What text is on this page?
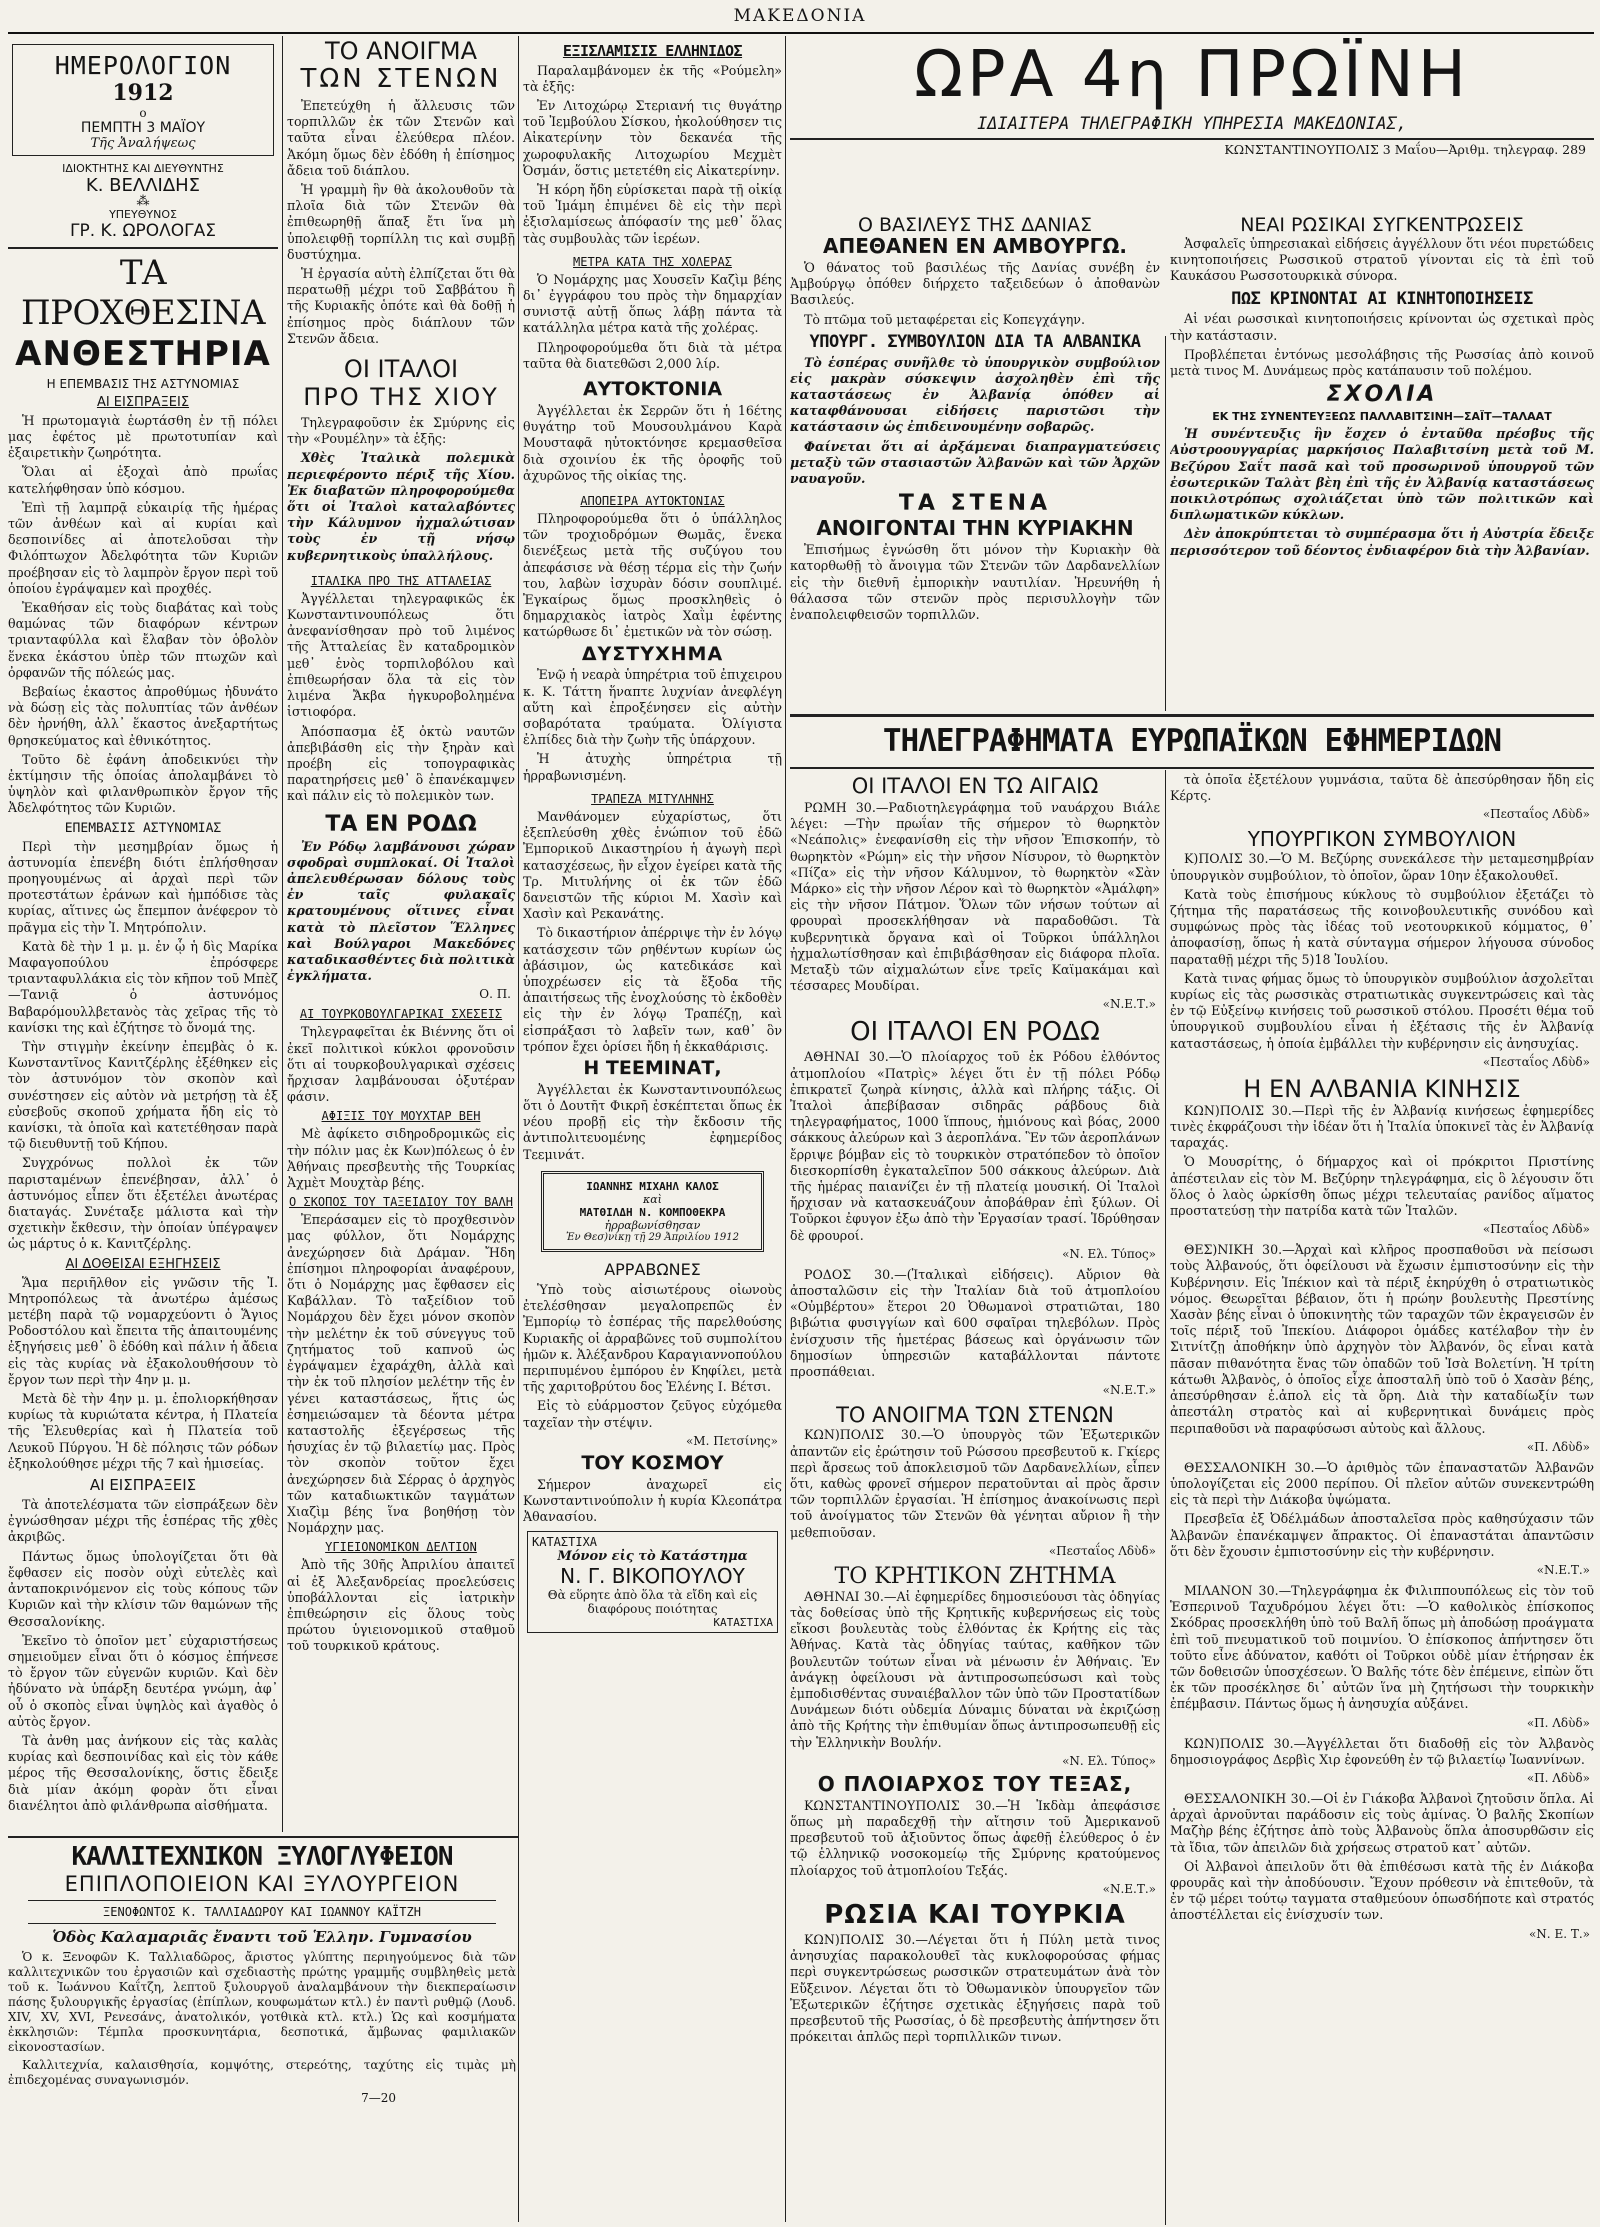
ΜΑΚΕΔΟΝΙΑ
ΗΜΕΡΟΛΟΓΙΟΝ
1912
ο
ΠΕΜΠΤΗ 3 ΜΑΪΟΥ
Τῆς Ἀναλήψεως
ΙΔΙΟΚΤΗΤΗΣ ΚΑΙ ΔΙΕΥΘΥΝΤΗΣ
Κ. ΒΕΛΛΙΔΗΣ
⁂
ΥΠΕΥΘΥΝΟΣ
ΓΡ. Κ. ΩΡΟΛΟΓΑΣ
ΤΑ ΠΡΟΧΘΕΣΙΝΑ
ΑΝΘΕΣΤΗΡΙΑ
Η ΕΠΕΜΒΑΣΙΣ ΤΗΣ ΑΣΤΥΝΟΜΙΑΣ
ΑΙ ΕΙΣΠΡΑΞΕΙΣ

Ἡ πρωτομαγιὰ ἑωρτάσθη ἐν τῇ πόλει μας ἐφέτος μὲ πρωτοτυπίαν καὶ ἐξαιρετικὴν ζωηρότητα.

Ὅλαι αἱ ἑξοχαὶ ἀπὸ πρωΐας κατελήφθησαν ὑπὸ κόσμου.

Ἐπὶ τῇ λαμπρᾷ εὐκαιρίᾳ τῆς ἡμέρας τῶν ἀνθέων καὶ αἱ κυρίαι καὶ δεσποινίδες αἱ ἀποτελοῦσαι τὴν Φιλόπτωχον Ἀδελφότητα τῶν Κυριῶν προέβησαν εἰς τὸ λαμπρὸν ἔργον περὶ τοῦ ὁποίου ἐγράψαμεν καὶ προχθές.

Ἐκαθήσαν εἰς τοὺς διαβάτας καὶ τοὺς θαμώνας τῶν διαφόρων κέντρων τριανταφύλλα καὶ ἔλαβαν τὸν ὁβολὸν ἕνεκα ἑκάστου ὑπὲρ τῶν πτωχῶν καὶ ὀρφανῶν τῆς πόλεώς μας.

Βεβαίως ἐκαστος ἀπροθύμως ἠδυνάτο νὰ δώσῃ εἰς τὰς πολυπτίας τῶν ἀνθέων δὲν ἠρνήθη, ἀλλ᾽ ἕκαστος ἀνεξαρτήτως θρησκεύματος καὶ ἐθνικότητος.

Τοῦτο δὲ ἐφάνη ἀποδεικνύει τὴν ἐκτίμησιν τῆς ὁποίας ἀπολαμβάνει τὸ ὑψηλὸν καὶ φιλανθρωπικὸν ἔργον τῆς Ἀδελφότητος τῶν Κυριῶν.

ΕΠΕΜΒΑΣΙΣ ΑΣΤΥΝΟΜΙΑΣ

Περὶ τὴν μεσημβρίαν ὅμως ἡ ἀστυνομία ἐπενέβη διότι ἐπλήσθησαν προηγουμένως αἱ ἀρχαὶ περὶ τῶν προτεστάτων ἐράνων καὶ ἡμπόδισε τὰς κυρίας, αἵτινες ὡς ἔπεμπον ἀνέφερον τὸ πρᾶγμα εἰς τὴν Ἰ. Μητρόπολιν.

Κατὰ δὲ τὴν 1 μ. μ. ἐν ᾧ ἡ δὶς Μαρίκα Μαφαγοπούλου ἐπρόσφερε τριανταφυλλάκια εἰς τὸν κῆπον τοῦ Μπὲζ—Τανιᾷ ὁ ἀστυνόμος Βαβαρόμουλλβετανὸς τὰς χεῖρας τῆς τὸ κανίσκι της καὶ ἐζήτησε τὸ ὄνομά της.

Τὴν στιγμὴν ἐκείνην ἐπεμβὰς ὁ κ. Κωνσταντῖνος Κανιτζέρλης ἐξέθηκεν εἰς τὸν ἀστυνόμον τὸν σκοπὸν καὶ συνέστησεν εἰς αὐτὸν νὰ μετρήσῃ τὰ ἐξ εὐσεβοῦς σκοποῦ χρήματα ἤδη εἰς τὸ κανίσκι, τὰ ὁποῖα καὶ κατετέθησαν παρὰ τῷ διευθυντῇ τοῦ Κήπου.

Συγχρόνως πολλοὶ ἐκ τῶν παρισταμένων ἐπενέβησαν, ἀλλ᾽ ὁ ἀστυνόμος εἶπεν ὅτι ἐξετέλει ἀνωτέρας διαταγάς. Συνέταξε μάλιστα καὶ τὴν σχετικὴν ἔκθεσιν, τὴν ὁποίαν ὑπέγραψεν ὡς μάρτυς ὁ κ. Κανιτζέρλης.

ΑΙ ΔΟΘΕΙΣΑΙ ΕΞΗΓΗΣΕΙΣ

Ἅμα περιῆλθον εἰς γνῶσιν τῆς Ἰ. Μητροπόλεως τὰ ἀνωτέρω ἀμέσως μετέβη παρὰ τῷ νομαρχεύοντι ὁ Ἅγιος Ροδοστόλου καὶ ἔπειτα τῆς ἀπαιτουμένης ἐξηγήσεις μεθ᾽ ὃ ἐδόθη καὶ πάλιν ἡ ἄδεια εἰς τὰς κυρίας νὰ ἐξακολουθήσουν τὸ ἔργον των περὶ τὴν 4ην μ. μ.

Μετὰ δὲ τὴν 4ην μ. μ. ἐπολιορκήθησαν κυρίως τὰ κυριώτατα κέντρα, ἡ Πλατεία τῆς Ἐλευθερίας καὶ ἡ Πλατεία τοῦ Λευκοῦ Πύργου. Ἡ δὲ πόλησις τῶν ρόδων ἐξηκολούθησε μέχρι τῆς 7 καὶ ἡμισείας.

ΑΙ ΕΙΣΠΡΑΞΕΙΣ

Τὰ ἀποτελέσματα τῶν εἰσπράξεων δὲν ἐγνώσθησαν μέχρι τῆς ἑσπέρας τῆς χθὲς ἀκριβῶς.

Πάντως ὅμως ὑπολογίζεται ὅτι θὰ ἔφθασεν εἰς ποσὸν οὐχὶ εὐτελὲς καὶ ἀνταποκρινόμενον εἰς τοὺς κόπους τῶν Κυριῶν καὶ τὴν κλίσιν τῶν θαμώνων τῆς Θεσσαλονίκης.

Ἐκεῖνο τὸ ὁποῖον μετ᾽ εὐχαριστήσεως σημειοῦμεν εἶναι ὅτι ὁ κόσμος ἐπήνεσε τὸ ἔργον τῶν εὐγενῶν κυριῶν. Καὶ δὲν ἠδύνατο νὰ ὑπάρξη δευτέρα γνώμη, ἀφ᾽ οὗ ὁ σκοπὸς εἶναι ὑψηλὸς καὶ ἀγαθὸς ὁ αὐτὸς ἔργον.

Τὰ ἀνθη μας ἀνήκουν εἰς τὰς καλὰς κυρίας καὶ δεσποινίδας καὶ εἰς τὸν κάθε μέρος τῆς Θεσσαλονίκης, ὅστις ἔδειξε διὰ μίαν ἀκόμη φορὰν ὅτι εἶναι διανέλητοι ἀπὸ φιλάνθρωπα αἰσθήματα.

ΤΟ ΑΝΟΙΓΜΑ
ΤΩΝ ΣΤΕΝΩΝ

Ἐπετεύχθη ἡ ἄλλευσις τῶν τορπιλλῶν ἐκ τῶν Στενῶν καὶ ταῦτα εἶναι ἐλεύθερα πλέον. Ἀκόμη ὅμως δὲν ἐδόθη ἡ ἐπίσημος ἄδεια τοῦ διάπλου.

Ἡ γραμμὴ ἣν θὰ ἀκολουθοῦν τὰ πλοῖα διὰ τῶν Στενῶν θὰ ἐπιθεωρηθῇ ἅπαξ ἔτι ἵνα μὴ ὑπολειφθῇ τορπίλλη τις καὶ συμβῇ δυστύχημα.

Ἡ ἐργασία αὐτὴ ἐλπίζεται ὅτι θὰ περατωθῇ μέχρι τοῦ Σαββάτου ἢ τῆς Κυριακῆς ὁπότε καὶ θὰ δοθῇ ἡ ἐπίσημος πρὸς διάπλουν τῶν Στενῶν ἄδεια.

ΟΙ ΙΤΑΛΟΙ
ΠΡΟ ΤΗΣ ΧΙΟΥ

Τηλεγραφοῦσιν ἐκ Σμύρνης εἰς τὴν «Ρουμέλην» τὰ ἑξῆς:

Χθὲς Ἰταλικὰ πολεμικὰ περιεφέροντο πέριξ τῆς Χίου. Ἐκ διαβατῶν πληροφορούμεθα ὅτι οἱ Ἰταλοὶ καταλαβόντες τὴν Κάλυμνον ἠχμαλώτισαν τοὺς ἐν τῇ νήσῳ κυβερνητικοὺς ὑπαλλήλους.

ΙΤΑΛΙΚΑ ΠΡΟ ΤΗΣ ΑΤΤΑΛΕΙΑΣ

Ἀγγέλλεται τηλεγραφικῶς ἐκ Κωνσταντινουπόλεως ὅτι ἀνεφανίσθησαν πρὸ τοῦ λιμένος τῆς Ἀτταλείας ἓν καταδρομικὸν μεθ᾽ ἑνὸς τορπιλοβόλου καὶ ἐπιθεωρήσαν ὅλα τὰ εἰς τὸν λιμένα Ἄκβα ἠγκυροβολημένα ἱστιοφόρα.

Ἀπόσπασμα ἐξ ὀκτὼ ναυτῶν ἀπεβιβάσθη εἰς τὴν ξηρὰν καὶ προέβη εἰς τοπογραφικὰς παρατηρήσεις μεθ᾽ ὃ ἐπανέκαμψεν καὶ πάλιν εἰς τὸ πολεμικὸν των.

ΤΑ ΕΝ ΡΟΔΩ

Ἐν Ρόδῳ λαμβάνουσι χώραν σφοδραὶ συμπλοκαί. Οἱ Ἰταλοὶ ἀπελευθέρωσαν δόλους τοὺς ἐν ταῖς φυλακαῖς κρατουμένους οἵτινες εἶναι κατὰ τὸ πλεῖστον Ἕλληνες καὶ Βούλγαροι Μακεδόνες καταδικασθέντες διὰ πολιτικὰ ἐγκλήματα.

Ο. Π.
ΑΙ ΤΟΥΡΚΟΒΟΥΛΓΑΡΙΚΑΙ ΣΧΕΣΕΙΣ

Τηλεγραφεῖται ἐκ Βιέννης ὅτι οἱ ἐκεῖ πολιτικοὶ κύκλοι φρονοῦσιν ὅτι αἱ τουρκοβουλγαρικαὶ σχέσεις ἤρχισαν λαμβάνουσαι ὀξυτέραν φάσιν.

ΑΦΙΞΙΣ ΤΟΥ ΜΟΥΧΤΑΡ ΒΕΗ

Μὲ ἀφίκετο σιδηροδρομικῶς εἰς τὴν πόλιν μας ἐκ Κων)πόλεως ὁ ἐν Ἀθήναις πρεσβευτὴς τῆς Τουρκίας Ἀχμὲτ Μουχτὰρ βέης.

Ο ΣΚΟΠΟΣ ΤΟΥ ΤΑΞΕΙΔΙΟΥ ΤΟΥ ΒΑΛΗ

Ἐπεράσαμεν εἰς τὸ προχθεσινὸν μας φύλλον, ὅτι Νομάρχης ἀνεχώρησεν διὰ Δράμαν. Ἤδη ἐπίσημοι πληροφορίαι ἀναφέρουν, ὅτι ὁ Νομάρχης μας ἔφθασεν εἰς Καβάλλαν. Τὸ ταξείδιον τοῦ Νομάρχου δὲν ἔχει μόνον σκοπὸν τὴν μελέτην ἐκ τοῦ σύνεγγυς τοῦ ζητήματος τοῦ καπνοῦ ὡς ἐγράψαμεν ἐχαράχθη, ἀλλὰ καὶ τὴν ἐκ τοῦ πλησίον μελέτην τῆς ἐν γένει καταστάσεως, ἥτις ὡς ἐσημειώσαμεν τὰ δέοντα μέτρα καταστολῆς ἐξεγέρσεως τῆς ἡσυχίας ἐν τῷ βιλαετίῳ μας. Πρὸς τὸν σκοπὸν τοῦτον ἔχει ἀνεχώρησεν διὰ Σέρρας ὁ ἀρχηγὸς τῶν καταδιωκτικῶν ταγμάτων Χιαζὶμ βέης ἵνα βοηθήσῃ τὸν Νομάρχην μας.

ΥΓΙΕΙΟΝΟΜΙΚΟΝ ΔΕΛΤΙΟΝ

Ἀπὸ τῆς 30ῆς Ἀπριλίου ἀπαιτεῖ αἱ ἐξ Ἀλεξανδρείας προελεύσεις ὑποβάλλονται εἰς ἰατρικὴν ἐπιθεώρησιν εἰς ὅλους τοὺς πρώτου ὑγιειονομικοῦ σταθμοῦ τοῦ τουρκικοῦ κράτους.

ΚΑΛΛΙΤΕΧΝΙΚΟΝ ΞΥΛΟΓΛΥΦΕΙΟΝ
ΕΠΙΠΛΟΠΟΙΕΙΟΝ ΚΑΙ ΞΥΛΟΥΡΓΕΙΟΝ
ΞΕΝΟΦΩΝΤΟΣ Κ. ΤΑΛΛΙΑΔΩΡΟΥ ΚΑΙ ΙΩΑΝΝΟΥ ΚΑΪΤΖΗ
Ὁδὸς Καλαμαριᾶς ἔναντι τοῦ Ἑλλην. Γυμνασίου

Ὁ κ. Ξενοφῶν Κ. Ταλλιαδῶρος, ἄριστος γλύπτης περιηγούμενος διὰ τῶν καλλιτεχνικῶν του ἐργασιῶν καὶ σχεδιαστὴς πρώτης γραμμῆς συμβληθεὶς μετὰ τοῦ κ. Ἰωάννου Καΐτζη, λεπτοῦ ξυλουργοῦ ἀναλαμβάνουν τὴν διεκπεραίωσιν πάσης ξυλουργικῆς ἐργασίας (ἐπίπλων, κουφωμάτων κτλ.) ἐν παντὶ ρυθμῷ (Λουδ. XIV, XV, XVI, Ρενεσάνς, ἀνατολικόν, γοτθικὰ κτλ. κτλ.) Ὡς καὶ κοσμήματα ἐκκλησιῶν: Τέμπλα προσκυνητάρια, δεσποτικά, ἄμβωνας φαμιλιακῶν εἰκονοστασίων.

Καλλιτεχνία, καλαισθησία, κομψότης, στερεότης, ταχύτης εἰς τιμὰς μὴ ἐπιδεχομένας συναγωνισμόν.

7—20
ΕΞΙΣΛΑΜΙΣΙΣ ΕΛΛΗΝΙΔΟΣ

Παραλαμβάνομεν ἐκ τῆς «Ρούμελη» τὰ ἑξῆς:

Ἐν Λιτοχώρῳ Στεριανή τις θυγάτηρ τοῦ Ἰεμβούλου Σίσκου, ἠκολούθησεν τις Αἰκατερίνην τὸν δεκανέα τῆς χωροφυλακῆς Λιτοχωρίου Μεχμὲτ Ὀσμάν, ὅστις μετετέθη εἰς Αἰκατερίνην.

Ἡ κόρη ἤδη εὑρίσκεται παρὰ τῇ οἰκίᾳ τοῦ Ἰμάμη ἐπιμένει δὲ εἰς τὴν περὶ ἐξισλαμίσεως ἀπόφασίν της μεθ᾽ ὅλας τὰς συμβουλὰς τῶν ἱερέων.

ΜΕΤΡΑ ΚΑΤΑ ΤΗΣ ΧΟΛΕΡΑΣ

Ὁ Νομάρχης μας Χουσεῖν Καζὶμ βέης δι᾽ ἐγγράφου του πρὸς τὴν δημαρχίαν συνιστᾷ αὐτῇ ὅπως λάβῃ πάντα τὰ κατάλληλα μέτρα κατὰ τῆς χολέρας.

Πληροφορούμεθα ὅτι διὰ τὰ μέτρα ταῦτα θὰ διατεθῶσι 2,000 λίρ.

ΑΥΤΟΚΤΟΝΙΑ

Ἀγγέλλεται ἐκ Σερρῶν ὅτι ἡ 16έτης θυγάτηρ τοῦ Μουσουλμάνου Καρὰ Μουσταφᾶ ηὐτοκτόνησε κρεμασθεῖσα διὰ σχοινίου ἐκ τῆς ὀροφῆς τοῦ ἀχυρῶνος τῆς οἰκίας της.

ΑΠΟΠΕΙΡΑ ΑΥΤΟΚΤΟΝΙΑΣ

Πληροφορούμεθα ὅτι ὁ ὑπάλληλος τῶν τροχιοδρόμων Θωμᾶς, ἕνεκα διενέξεως μετὰ τῆς συζύγου του ἀπεφάσισε νὰ θέσῃ τέρμα εἰς τὴν ζωήν του, λαβὼν ἰσχυρὰν δόσιν σουπλιμέ. Ἐγκαίρως ὅμως προσκληθεὶς ὁ δημαρχιακὸς ἰατρὸς Χαῒμ ἐφέντης κατώρθωσε δι᾽ ἐμετικῶν νὰ τὸν σώσῃ.

ΔΥΣΤΥΧΗΜΑ

Ἐνῷ ἡ νεαρὰ ὑπηρέτρια τοῦ ἐπιχειρου κ. Κ. Τάττη ἥναπτε λυχνίαν ἀνεφλέγη αὕτη καὶ ἐπροξένησεν εἰς αὐτὴν σοβαρότατα τραύματα. Ὀλίγιστα ἐλπίδες διὰ τὴν ζωὴν τῆς ὑπάρχουν.

Ἡ ἀτυχὴς ὑπηρέτρια τῇ ἡρραβωνισμένη.

ΤΡΑΠΕΖΑ ΜΙΤΥΛΗΝΗΣ

Μανθάνομεν εὐχαρίστως, ὅτι ἐξεπλεύσθη χθὲς ἐνώπιον τοῦ ἐδῶ Ἐμπορικοῦ Δικαστηρίου ἡ ἀγωγὴ περὶ κατασχέσεως, ἣν εἶχον ἐγείρει κατὰ τῆς Τρ. Μιτυλήνης οἱ ἐκ τῶν ἐδῶ δανειστῶν τῆς κύριοι Μ. Χασὶν καὶ Χασὶν καὶ Ρεκανάτης.

Τὸ δικαστήριον ἀπέρριψε τὴν ἐν λόγῳ κατάσχεσιν τῶν ρηθέντων κυρίων ὡς ἀβάσιμον, ὡς κατεδικάσε καὶ ὑποχρέωσεν εἰς τὰ ἔξοδα τῆς ἀπαιτήσεως τῆς ἐνοχλούσης τὸ ἐκδοθὲν εἰς τὴν ἐν λόγῳ Τραπέζῃ, καὶ εἰσπράξασι τὸ λαβεῖν των, καθ᾽ ὃν τρόπον ἔχει ὁρίσει ἤδη ἡ ἐκκαθάρισις.

Η ΤΕΕΜΙΝΑΤ,

Ἀγγέλλεται ἐκ Κωνσταντινουπόλεως ὅτι ὁ Δουτῆτ Φικρῆ ἐσκέπτεται ὅπως ἐκ νέου προβῇ εἰς τὴν ἔκδοσιν τῆς ἀντιπολιτευομένης ἐφημερίδος Τεεμινάτ.

ΙΩΑΝΝΗΣ ΜΙΧΑΗΛ ΚΑΛΟΣ
καὶ
ΜΑΤΘΙΛΔΗ Ν. ΚΟΜΠΟΘΕΚΡΑ
ἠρραβωνίσθησαν
Ἐν Θεσ)νίκῃ τῇ 29 Ἀπριλίου 1912
ΑΡΡΑΒΩΝΕΣ

Ὑπὸ τοὺς αἰσιωτέρους οἰωνοὺς ἐτελέσθησαν μεγαλοπρεπῶς ἐν Ἐμπορίῳ τὸ ἑσπέρας τῆς παρελθούσης Κυριακῆς οἱ ἀρραβῶνες τοῦ συμπολίτου ἡμῶν κ. Ἀλέξανδρου Καραγιαννοπούλου περιπυμένου ἐμπόρου ἐν Κηφίλει, μετὰ τῆς χαριτοβρύτου δος Ἑλένης Ι. Βέτσι.

Εἰς τὸ εὐάρμοστον ζεῦγος εὐχόμεθα ταχεῖαν τὴν στέψιν.

«Μ. Πετσίνης»
ΤΟΥ ΚΟΣΜΟΥ

Σήμερον ἀναχωρεῖ εἰς Κωνσταντινούπολιν ἡ κυρία Κλεοπάτρα Ἀθανασίου.

ΚΑΤΑΣΤΙΧΑ
Μόνον εἰς τὸ Κατάστημα
Ν. Γ. ΒΙΚΟΠΟΥΛΟΥ
Θὰ εὕρητε ἀπὸ ὅλα τὰ εἴδη καὶ εἰς διαφόρους ποιότητας
ΚΑΤΑΣΤΙΧΑ
ΩΡΑ 4η ΠΡΩΪΝΗ
ΙΔΙΑΙΤΕΡΑ ΤΗΛΕΓΡΑΦΙΚΗ ΥΠΗΡΕΣΙΑ ΜΑΚΕΔΟΝΙΑΣ,
ΚΩΝΣΤΑΝΤΙΝΟΥΠΟΛΙΣ 3 Μαΐου—Ἀριθμ. τηλεγραφ. 289
Ο ΒΑΣΙΛΕΥΣ ΤΗΣ ΔΑΝΙΑΣ
ΑΠΕΘΑΝΕΝ ΕΝ ΑΜΒΟΥΡΓΩ.

Ὁ θάνατος τοῦ βασιλέως τῆς Δανίας συνέβη ἐν Ἀμβούργῳ ὁπόθεν διήρχετο ταξειδεύων ὁ ἀποθανὼν Βασιλεύς.

Τὸ πτῶμα τοῦ μεταφέρεται εἰς Κοπεγχάγην.

ΥΠΟΥΡΓ. ΣΥΜΒΟΥΛΙΟΝ ΔΙΑ ΤΑ ΑΛΒΑΝΙΚΑ

Τὸ ἑσπέρας συνῆλθε τὸ ὑπουργικὸν συμβούλιον εἰς μακρὰν σύσκεψιν ἀσχοληθὲν ἐπὶ τῆς καταστάσεως ἐν Ἀλβανίᾳ ὁπόθεν αἱ καταφθάνουσαι εἰδήσεις παριστῶσι τὴν κατάστασιν ὡς ἐπιδεινουμένην σοβαρῶς.

Φαίνεται ὅτι αἱ ἀρξάμεναι διαπραγματεύσεις μεταξὺ τῶν στασιαστῶν Ἀλβανῶν καὶ τῶν Ἀρχῶν ναυαγοῦν.

ΤΑ ΣΤΕΝΑ
ΑΝΟΙΓΟΝΤΑΙ ΤΗΝ ΚΥΡΙΑΚΗΝ

Ἐπισήμως ἐγνώσθη ὅτι μόνον τὴν Κυριακὴν θὰ κατορθωθῇ τὸ ἄνοιγμα τῶν Στενῶν τῶν Δαρδανελλίων εἰς τὴν διεθνῆ ἐμπορικὴν ναυτιλίαν. Ἠρευνήθη ἡ θάλασσα τῶν στενῶν πρὸς περισυλλογὴν τῶν ἐναπολειφθεισῶν τορπιλλῶν.

ΝΕΑΙ ΡΩΣΙΚΑΙ ΣΥΓΚΕΝΤΡΩΣΕΙΣ

Ἀσφαλεῖς ὑπηρεσιακαὶ εἰδήσεις ἀγγέλλουν ὅτι νέοι πυρετώδεις κινητοποιήσεις Ρωσσικοῦ στρατοῦ γίνονται εἰς τὰ ἐπὶ τοῦ Καυκάσου Ρωσσοτουρκικὰ σύνορα.

ΠΩΣ ΚΡΙΝΟΝΤΑΙ ΑΙ ΚΙΝΗΤΟΠΟΙΗΣΕΙΣ

Αἱ νέαι ρωσσικαὶ κινητοποιήσεις κρίνονται ὡς σχετικαὶ πρὸς τὴν κατάστασιν.

Προβλέπεται ἐντόνως μεσολάβησις τῆς Ρωσσίας ἀπὸ κοινοῦ μετὰ τινος Μ. Δυνάμεως πρὸς κατάπαυσιν τοῦ πολέμου.

ΣΧΟΛΙΑ
ΕΚ ΤΗΣ ΣΥΝΕΝΤΕΥΞΕΩΣ ΠΑΛΛΑΒΙΤΣΙΝΗ—ΣΑΪΤ—ΤΑΛΑΑΤ

Ἡ συνέντευξις ἣν ἔσχεν ὁ ἐνταῦθα πρέσβυς τῆς Αὐστροουγγαρίας μαρκήσιος Παλαβιτσίνη μετὰ τοῦ Μ. Βεζύρου Σαΐτ πασᾶ καὶ τοῦ προσωρινοῦ ὑπουργοῦ τῶν ἐσωτερικῶν Ταλὰτ βὲη ἐπὶ τῆς ἐν Ἀλβανίᾳ καταστάσεως ποικιλοτρόπως σχολιάζεται ὑπὸ τῶν πολιτικῶν καὶ διπλωματικῶν κύκλων.

Δὲν ἀποκρύπτεται τὸ συμπέρασμα ὅτι ἡ Αὐστρία ἔδειξε περισσότερον τοῦ δέοντος ἐνδιαφέρον διὰ τὴν Ἀλβανίαν.

ΤΗΛΕΓΡΑΦΗΜΑΤΑ ΕΥΡΩΠΑΪΚΩΝ ΕΦΗΜΕΡΙΔΩΝ
ΟΙ ΙΤΑΛΟΙ ΕΝ ΤΩ ΑΙΓΑΙΩ

ΡΩΜΗ 30.—Ραδιοτηλεγράφημα τοῦ ναυάρχου Βιάλε λέγει: —Τὴν πρωΐαν τῆς σήμερον τὸ θωρηκτὸν «Νεάπολις» ἐνεφανίσθη εἰς τὴν νῆσον Ἐπισκοπήν, τὸ θωρηκτὸν «Ρώμη» εἰς τὴν νῆσον Νίσυρον, τὸ θωρηκτὸν «Πίζα» εἰς τὴν νῆσον Κάλυμνον, τὸ θωρηκτὸν «Σὰν Μάρκο» εἰς τὴν νῆσον Λέρον καὶ τὸ θωρηκτὸν «Ἀμάλφη» εἰς τὴν νῆσον Πάτμον. Ὅλων τῶν νήσων τούτων αἱ φρουραὶ προσεκλήθησαν νὰ παραδοθῶσι. Τὰ κυβερνητικὰ ὄργανα καὶ οἱ Τοῦρκοι ὑπάλληλοι ἠχμαλωτίσθησαν καὶ ἐπιβιβάσθησαν εἰς διάφορα πλοῖα. Μεταξὺ τῶν αἰχμαλώτων εἶνε τρεῖς Καϊμακάμαι καὶ τέσσαρες Μουδίραι.

«Ν.Ε.Τ.»
ΟΙ ΙΤΑΛΟΙ ΕΝ ΡΟΔΩ

ΑΘΗΝΑΙ 30.—Ὁ πλοίαρχος τοῦ ἐκ Ρόδου ἐλθόντος ἀτμοπλοίου «Πατρὶς» λέγει ὅτι ἐν τῇ πόλει Ρόδῳ ἐπικρατεῖ ζωηρὰ κίνησις, ἀλλὰ καὶ πλήρης τάξις. Οἱ Ἰταλοὶ ἀπεβίβασαν σιδηρᾶς ράβδους διὰ τηλεγραφήματος, 1000 ἵππους, ἡμιόνους καὶ βόας, 2000 σάκκους ἀλεύρων καὶ 3 ἀεροπλάνα. Ἓν τῶν ἀεροπλάνων ἔρριψε βόμβαν εἰς τὸ τουρκικὸν στρατόπεδον τὸ ὁποῖον διεσκορπίσθη ἐγκαταλεῖπον 500 σάκκους ἀλεύρων. Διὰ τῆς ἡμέρας παιανίζει ἐν τῇ πλατείᾳ μουσική. Οἱ Ἰταλοὶ ἤρχισαν νὰ κατασκευάζουν ἀποβάθραν ἐπὶ ξύλων. Οἱ Τοῦρκοι ἐφυγον ἐξω ἀπὸ τὴν Ἐργασίαν τρασί. Ἱδρύθησαν δὲ φρουροί.

«Ν. Ελ. Τύπος»

ΡΟΔΟΣ 30.—(Ἰταλικαὶ εἰδήσεις). Αὔριον θὰ ἀποσταλῶσιν εἰς τὴν Ἰταλίαν διὰ τοῦ ἀτμοπλοίου «Οὐμβέρτου» ἕτεροι 20 Ὀθωμανοὶ στρατιῶται, 180 βιβώτια φυσιγγίων καὶ 600 σφαῖραι τηλεβόλων. Πρὸς ἐνίσχυσιν τῆς ἡμετέρας βάσεως καὶ ὀργάνωσιν τῶν δημοσίων ὑπηρεσιῶν καταβάλλονται πάντοτε προσπάθειαι.

«Ν.Ε.Τ.»
ΤΟ ΑΝΟΙΓΜΑ ΤΩΝ ΣΤΕΝΩΝ

ΚΩΝ)ΠΟΛΙΣ 30.—Ὁ ὑπουργὸς τῶν Ἐξωτερικῶν ἀπαντῶν εἰς ἐρώτησιν τοῦ Ρώσσου πρεσβευτοῦ κ. Γκίερς περὶ ἄρσεως τοῦ ἀποκλεισμοῦ τῶν Δαρδανελλίων, εἶπεν ὅτι, καθὼς φρονεῖ σήμερον περατοῦνται αἱ πρὸς ἄρσιν τῶν τορπιλλῶν ἐργασίαι. Ἡ ἐπίσημος ἀνακοίνωσις περὶ τοῦ ἀνοίγματος τῶν Στενῶν θὰ γένηται αὔριον ἢ τὴν μεθεπιοῦσαν.

«Πεσταΐος Λδὺδ»
ΤΟ ΚΡΗΤΙΚΟΝ ΖΗΤΗΜΑ

ΑΘΗΝΑΙ 30.—Αἱ ἐφημερίδες δημοσιεύουσι τὰς ὁδηγίας τὰς δοθείσας ὑπὸ τῆς Κρητικῆς κυβερνήσεως εἰς τοὺς εἴκοσι βουλευτὰς τοὺς ἐλθόντας ἐκ Κρήτης εἰς τὰς Ἀθήνας. Κατὰ τὰς ὁδηγίας ταύτας, καθῆκον τῶν βουλευτῶν τούτων εἶναι νὰ μένωσιν ἐν Ἀθήναις. Ἐν ἀνάγκῃ ὀφείλουσι νὰ ἀντιπροσωπεύσωσι καὶ τοὺς ἐμποδισθέντας συναιέβαλλον τῶν ὑπὸ τῶν Προστατίδων Δυνάμεων διότι οὐδεμία Δύναμις δύναται νὰ ἐκριζώσῃ ἀπὸ τῆς Κρήτης τὴν ἐπιθυμίαν ὅπως ἀντιπροσωπευθῇ εἰς τὴν Ἑλληνικὴν Βουλήν.

«Ν. Ελ. Τύπος»
Ο ΠΛΟΙΑΡΧΟΣ ΤΟΥ ΤΕΞΑΣ,

ΚΩΝΣΤΑΝΤΙΝΟΥΠΟΛΙΣ 30.—Ἡ Ἰκδὰμ ἀπεφάσισε ὅπως μὴ παραδεχθῇ τὴν αἴτησιν τοῦ Ἀμερικανοῦ πρεσβευτοῦ τοῦ ἀξιοῦντος ὅπως ἀφεθῇ ἐλεύθερος ὁ ἐν τῷ ἑλληνικῷ νοσοκομείῳ τῆς Σμύρνης κρατούμενος πλοίαρχος τοῦ ἀτμοπλοίου Τεξάς.

«Ν.Ε.Τ.»
ΡΩΣΙΑ ΚΑΙ ΤΟΥΡΚΙΑ

ΚΩΝ)ΠΟΛΙΣ 30.—Λέγεται ὅτι ἡ Πύλη μετὰ τινος ἀνησυχίας παρακολουθεῖ τὰς κυκλοφορούσας φήμας περὶ συγκεντρώσεως ρωσσικῶν στρατευμάτων ἀνὰ τὸν Εὔξεινον. Λέγεται ὅτι τὸ Ὀθωμανικὸν ὑπουργεῖον τῶν Ἐξωτερικῶν ἐζήτησε σχετικὰς ἐξηγήσεις παρὰ τοῦ πρεσβευτοῦ τῆς Ρωσσίας, ὁ δὲ πρεσβευτὴς ἀπήντησεν ὅτι πρόκειται ἁπλῶς περὶ τορπιλλικῶν τινων.

τὰ ὁποῖα ἐξετέλουν γυμνάσια, ταῦτα δὲ ἀπεσύρθησαν ἤδη εἰς Κέρτς.

«Πεσταΐος Λδὺδ»
ΥΠΟΥΡΓΙΚΟΝ ΣΥΜΒΟΥΛΙΟΝ

Κ)ΠΟΛΙΣ 30.—Ὁ Μ. Βεζύρης συνεκάλεσε τὴν μεταμεσημβρίαν ὑπουργικὸν συμβούλιον, τὸ ὁποῖον, ὥραν 10ην ἐξακολουθεῖ.

Κατὰ τοὺς ἐπισήμους κύκλους τὸ συμβούλιον ἐξετάζει τὸ ζήτημα τῆς παρατάσεως τῆς κοινοβουλευτικῆς συνόδου καὶ συμφώνως πρὸς τὰς ἰδέας τοῦ νεοτουρκικοῦ κόμματος, θ᾽ ἀποφασίσῃ, ὅπως ἡ κατὰ σύνταγμα σήμερον λήγουσα σύνοδος παραταθῇ μέχρι τῆς 5)18 Ἰουλίου.

Κατὰ τινας φήμας ὅμως τὸ ὑπουργικὸν συμβούλιον ἀσχολεῖται κυρίως εἰς τὰς ρωσσικὰς στρατιωτικὰς συγκεντρώσεις καὶ τὰς ἐν τῷ Εὐξείνῳ κινήσεις τοῦ ρωσσικοῦ στόλου. Προσέτι θέμα τοῦ ὑπουργικοῦ συμβουλίου εἶναι ἡ ἐξέτασις τῆς ἐν Ἀλβανίᾳ καταστάσεως, ἡ ὁποία ἐμβάλλει τὴν κυβέρνησιν εἰς ἀνησυχίας.

«Πεσταΐος Λδὺδ»
Η ΕΝ ΑΛΒΑΝΙΑ ΚΙΝΗΣΙΣ

ΚΩΝ)ΠΟΛΙΣ 30.—Περὶ τῆς ἐν Ἀλβανίᾳ κινήσεως ἐφημερίδες τινὲς ἐκφράζουσι τὴν ἰδέαν ὅτι ἡ Ἰταλία ὑποκινεῖ τὰς ἐν Ἀλβανίᾳ ταραχάς.

Ὁ Μουσρίτης, ὁ δήμαρχος καὶ οἱ πρόκριτοι Πριστίνης ἀπέστειλαν εἰς τὸν Μ. Βεζύρην τηλεγράφημα, εἰς ὃ λέγουσιν ὅτι ὅλος ὁ λαὸς ὡρκίσθη ὅπως μέχρι τελευταίας ρανίδος αἵματος προστατεύσῃ τὴν πατρίδα κατὰ τῶν Ἰταλῶν.

«Πεσταΐος Λδὺδ»

ΘΕΣ)ΝΙΚΗ 30.—Ἀρχαὶ καὶ κλῆρος προσπαθοῦσι νὰ πείσωσι τοὺς Ἀλβανούς, ὅτι ὀφείλουσι νὰ ἔχωσιν ἐμπιστοσύνην εἰς τὴν Κυβέρνησιν. Εἰς Ἰπέκιον καὶ τὰ πέριξ ἐκηρύχθη ὁ στρατιωτικὸς νόμος. Θεωρεῖται βέβαιον, ὅτι ἡ πρώην βουλευτὴς Πρεστίνης Χασὰν βέης εἶναι ὁ ὑποκινητὴς τῶν ταραχῶν τῶν ἐκραγεισῶν ἐν τοῖς πέριξ τοῦ Ἰπεκίου. Διάφοροι ὁμάδες κατέλαβον τὴν ἐν Σιτνίτζῃ ἀποθήκην ὑπὸ ἀρχηγὸν τὸν Ἀλβανόν, ὃς εἶναι κατὰ πᾶσαν πιθανότητα ἕνας τῶν ὀπαδῶν τοῦ Ἰσὰ Βολετίνη. Ἡ τρίτη κάτωθι Ἀλβανὸς, ὁ ὁποῖος εἶχε ἀποσταλῆ ὑπὸ τοῦ ὁ Χασὰν βέης, ἀπεσύρθησαν ἐ.ἀπολ εἰς τὰ ὄρη. Διὰ τὴν καταδίωξίν των ἀπεστάλη στρατὸς καὶ αἱ κυβερνητικαὶ δυνάμεις πρὸς περιπαθοῦσι νὰ παραφύσωσι αὐτοὺς καὶ ἄλλους.

«Π. Λδὺδ»

ΘΕΣΣΑΛΟΝΙΚΗ 30.—Ὁ ἀριθμὸς τῶν ἐπαναστατῶν Ἀλβανῶν ὑπολογίζεται εἰς 2000 περίπου. Οἱ πλεῖον αὐτῶν συνεκεντρώθη εἰς τὰ περὶ τὴν Διάκοβα ὑψώματα.

Πρεσβεῖα ἐξ Ὀδέλμάδων ἀποσταλεῖσα πρὸς καθησύχασιν τῶν Ἀλβανῶν ἐπανέκαμψεν ἄπρακτος. Οἱ ἐπαναστάται ἀπαντῶσιν ὅτι δὲν ἔχουσιν ἐμπιστοσύνην εἰς τὴν κυβέρνησιν.

«Ν.Ε.Τ.»

ΜΙΛΑΝΟΝ 30.—Τηλεγράφημα ἐκ Φιλιππουπόλεως εἰς τὸν τοῦ Ἑσπερινοῦ Ταχυδρόμου λέγει ὅτι: —Ὁ καθολικὸς ἐπίσκοπος Σκόδρας προσεκλήθη ὑπὸ τοῦ Βαλῆ ὅπως μὴ ἀποδώσῃ προάγματα ἐπὶ τοῦ πνευματικοῦ τοῦ ποιμνίου. Ὁ ἐπίσκοπος ἀπήντησεν ὅτι τοῦτο εἶνε ἀδύνατον, καθότι οἱ Τοῦρκοι οὐδὲ μίαν ἐτήρησαν ἐκ τῶν δοθεισῶν ὑποσχέσεων. Ὁ Βαλῆς τότε δὲν ἐπέμεινε, εἰπὼν ὅτι ἐκ τῶν προσέκλησε δι᾽ αὐτῶν ἵνα μὴ ζητήσωσι τὴν τουρκικὴν ἐπέμβασιν. Πάντως ὅμως ἡ ἀνησυχία αὐξάνει.

«Π. Λδὺδ»

ΚΩΝ)ΠΟΛΙΣ 30.—Ἀγγέλλεται ὅτι διαδοθῇ εἰς τὸν Ἀλβανὸς δημοσιογράφος Δερβὶς Χιρ ἐφονεύθη ἐν τῷ βιλαετίῳ Ἰωαννίνων.

«Π. Λδὺδ»

ΘΕΣΣΑΛΟΝΙΚΗ 30.—Οἱ ἐν Γιάκοβα Ἀλβανοὶ ζητοῦσιν ὅπλα. Αἱ ἀρχαὶ ἀρνοῦνται παράδοσιν εἰς τοὺς ἀμίνας. Ὁ βαλῆς Σκοπίων Μαζὴρ βέης ἐζήτησε ἀπὸ τοὺς Ἀλβανοὺς ὅπλα ἀποσυρθῶσιν εἰς τὰ ἴδια, τῶν ἀπειλῶν διὰ χρήσεως στρατοῦ κατ᾽ αὐτῶν.

Οἱ Ἀλβανοὶ ἀπειλοῦν ὅτι θὰ ἐπιθέσωσι κατὰ τῆς ἐν Διάκοβα φρουρᾶς καὶ τὴν ἀποδύουσιν. Ἔχουν πρόθεσιν νὰ ἐπιτεθοῦν, τὰ ἐν τῷ μέρει τούτῳ ταγματα σταθμεύουν ὁπωσδήποτε καὶ στρατός ἀποστέλλεται εἰς ἐνίσχυσίν των.

«Ν. Ε. Τ.»
